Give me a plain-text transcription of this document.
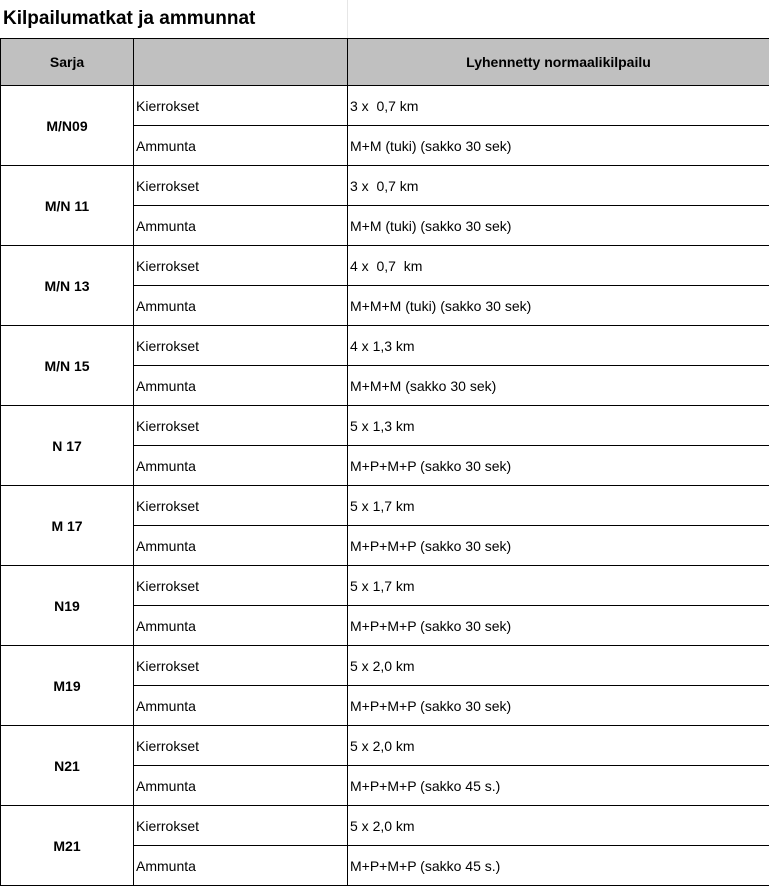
Kilpailumatkat ja ammunnat
Sarja		Lyhennetty normaalikilpailu
M/N09	Kierrokset	3 x  0,7 km
	Ammunta	M+M (tuki) (sakko 30 sek)
M/N 11	Kierrokset	3 x  0,7 km
	Ammunta	M+M (tuki) (sakko 30 sek)
M/N 13	Kierrokset	4 x  0,7  km
	Ammunta	M+M+M (tuki) (sakko 30 sek)
M/N 15	Kierrokset	4 x 1,3 km
	Ammunta	M+M+M (sakko 30 sek)
N 17	Kierrokset	5 x 1,3 km
	Ammunta	M+P+M+P (sakko 30 sek)
M 17	Kierrokset	5 x 1,7 km
	Ammunta	M+P+M+P (sakko 30 sek)
N19	Kierrokset	5 x 1,7 km
	Ammunta	M+P+M+P (sakko 30 sek)
M19	Kierrokset	5 x 2,0 km
	Ammunta	M+P+M+P (sakko 30 sek)
N21	Kierrokset	5 x 2,0 km
	Ammunta	M+P+M+P (sakko 45 s.)
M21	Kierrokset	5 x 2,0 km
	Ammunta	M+P+M+P (sakko 45 s.)
